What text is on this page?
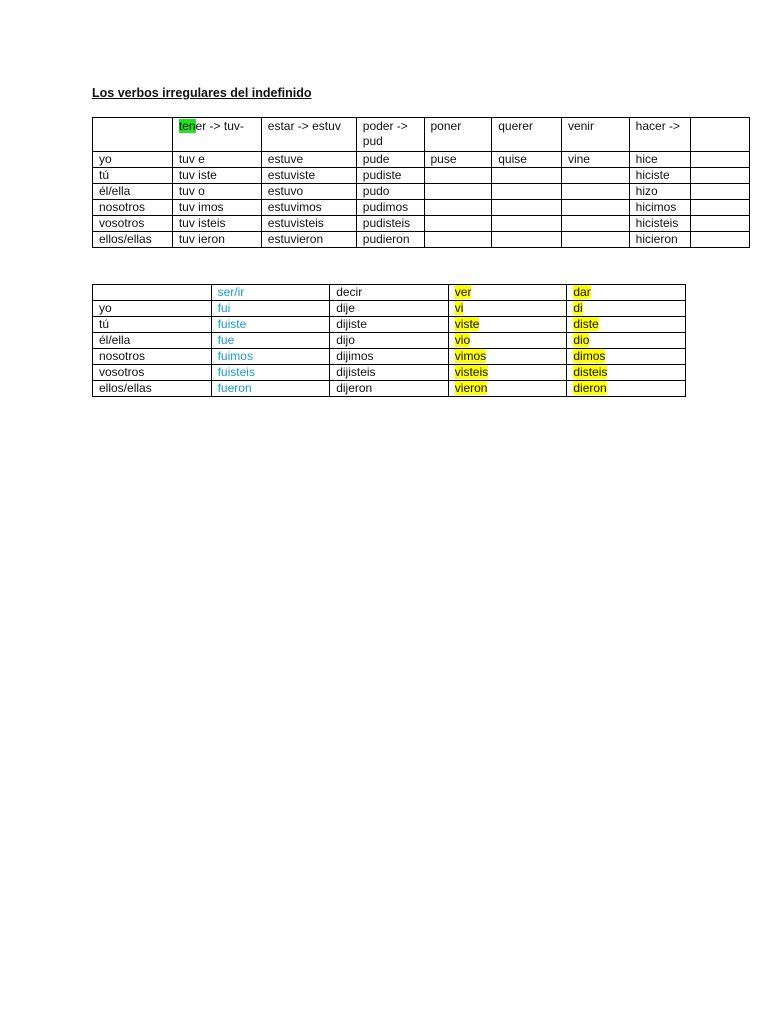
Los verbos irregulares del indefinido
	tener -> tuv-	estar -> estuv	poder -> pud	poner	querer	venir	hacer ->	
yo	tuv e	estuve	pude	puse	quise	vine	hice	
tú	tuv iste	estuviste	pudiste				hiciste	
él/ella	tuv o	estuvo	pudo				hizo	
nosotros	tuv imos	estuvimos	pudimos				hicimos	
vosotros	tuv isteis	estuvisteis	pudisteis				hicisteis	
ellos/ellas	tuv ieron	estuvieron	pudieron				hicieron	
	ser/ir	decir	ver	dar
yo	fui	dije	vi	di
tú	fuiste	dijiste	viste	diste
él/ella	fue	dijo	vio	dio
nosotros	fuimos	dijimos	vimos	dimos
vosotros	fuisteis	dijisteis	visteis	disteis
ellos/ellas	fueron	dijeron	vieron	dieron
